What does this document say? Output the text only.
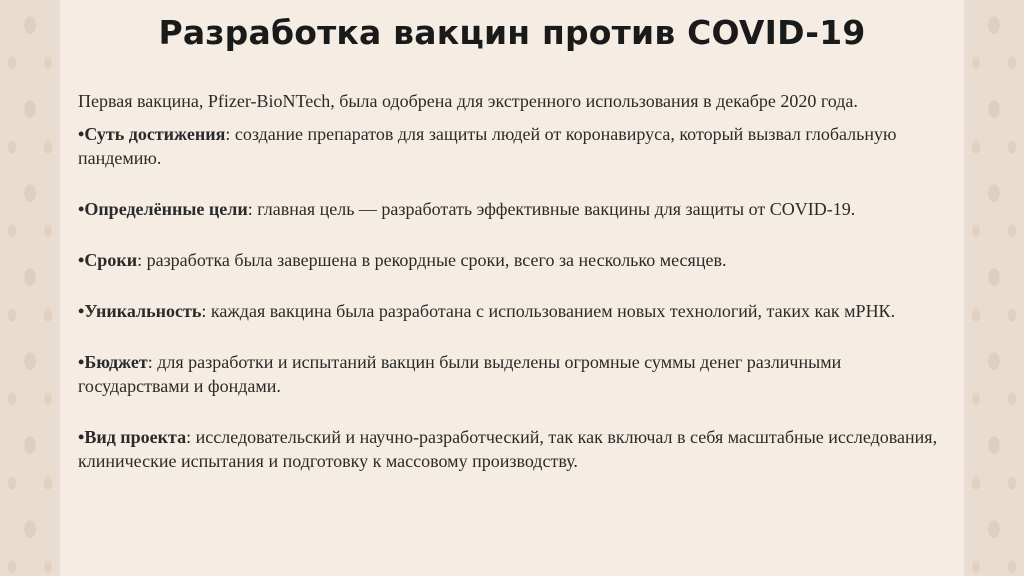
Разработка вакцин против COVID-19

Первая вакцина, Pfizer-BioNTech, была одобрена для экстренного использования в декабре 2020 года.

•Суть достижения: создание препаратов для защиты людей от коронавируса, который вызвал глобальную пандемию.

•Определённые цели: главная цель — разработать эффективные вакцины для защиты от COVID-19.

•Сроки: разработка была завершена в рекордные сроки, всего за несколько месяцев.

•Уникальность: каждая вакцина была разработана с использованием новых технологий, таких как мРНК.

•Бюджет: для разработки и испытаний вакцин были выделены огромные суммы денег различными государствами и фондами.

•Вид проекта: исследовательский и научно-разработческий, так как включал в себя масштабные исследования, клинические испытания и подготовку к массовому производству.
